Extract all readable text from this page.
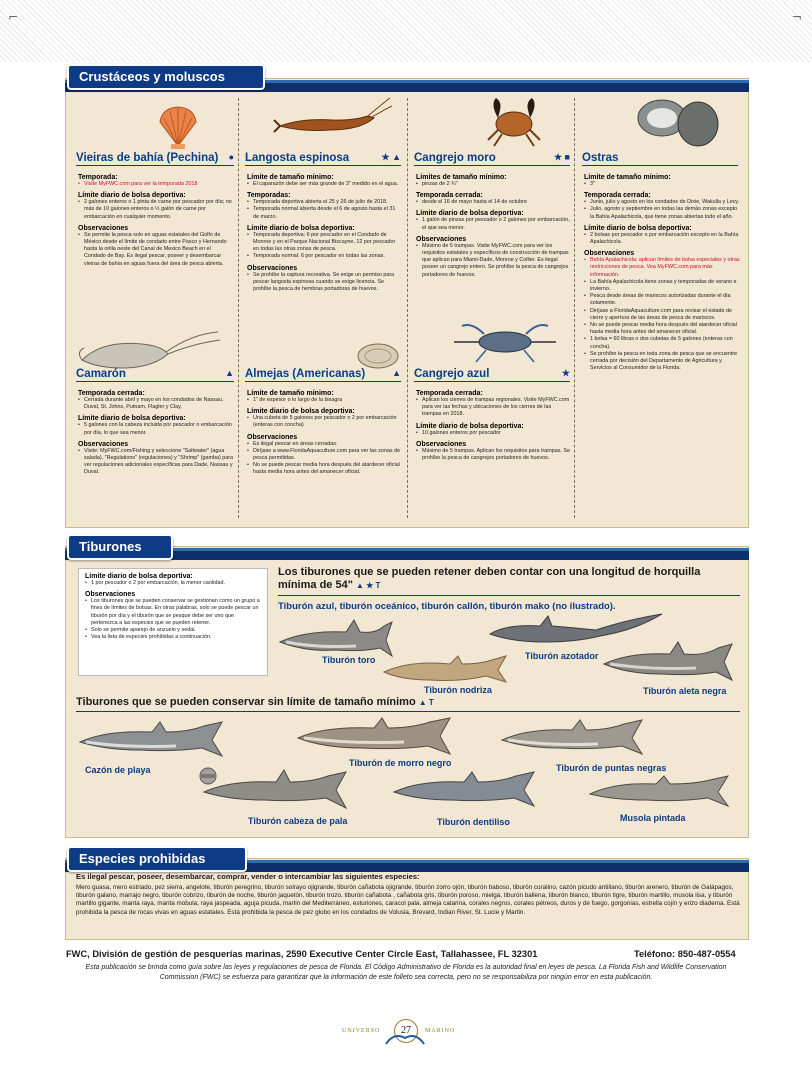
⌐	¬
Crustáceos y moluscos
Vieiras de bahía (Pechina) ●
Temporada:
• Visite MyFWC.com para ver la temporada 2018
Límite diario de bolsa deportiva:
• 2 galones enteros o 1 pinta de carne por pescador por día; no más de 10 galones enteros o ½ galón de carne por embarcación en cualquier momento.
Observaciones
• Se permite la pesca solo en aguas estatales del Golfo de México desde el límite de condado entre Pasco y Hernando hasta la orilla oeste del Canal de Mexico Beach en el Condado de Bay. Es ilegal pescar, poseer y desembarcar vieiras de bahía en aguas fuera del área de pesca abierta.
Langosta espinosa	★ ▲
Límite de tamaño mínimo:
• El caparazón debe ser más grande de 3" medido en el agua.
Temporadas:
• Temporada deportiva abierta el 25 y 26 de julio de 2018.
• Temporada normal abierta desde el 6 de agosto hasta el 31 de marzo.
Límite diario de bolsa deportiva:
• Temporada deportiva: 6 por pescador en el Condado de Monroe y en el Parque Nacional Biscayne, 12 por pescador en todas las otras zonas de pesca.
• Temporada normal: 6 por pescador en todas las zonas.
Observaciones
• Se prohíbe la captura recreativa. Se exige un permiso para pescar langosta espinosa cuando se exige licencia. Se prohíbe la pesca de hembras portadoras de huevos.
Cangrejo moro	★ ■
Límites de tamaño mínimo:
• pinzas de 2 ¾"
Temporada cerrada:
• desde el 16 de mayo hasta el 14 de octubre
Límite diario de bolsa deportiva:
• 1 galón de pinzas por pescador o 2 galones por embarcación, el que sea menor.
Observaciones
• Máximo de 5 trampas. Visite MyFWC.com para ver los requisitos estatales y específicos de construcción de trampas que aplican para Miami-Dade, Monroe y Collier. Es ilegal poseer un cangrejo entero. Se prohíbe la pesca de cangrejos portadores de huevos.
Ostras
Límite de tamaño mínimo:
• 3"
Temporada cerrada:
• Junio, julio y agosto en los condados de Dixie, Wakulla y Levy.
• Julio, agosto y septiembre en todas las demás zonas excepto la Bahía Apalachicola, que tiene zonas abiertas todo el año.
Límite diario de bolsa deportiva:
• 2 bolsas por pescador o por embarcación excepto en la Bahía Apalachicola.
Observaciones
• Bahía Apalachicola: aplican límites de bolsa especiales y otras restricciones de pesca. Vea MyFWC.com para más información.
• La Bahía Apalachicola tiene zonas y temporadas de verano e invierno.
• Pesca desde áreas de mariscos autorizadas durante el día solamente.
• Diríjase a FloridaAquaculture.com para revisar el estado de cierre y apertura de las áreas de pesca de mariscos.
• No se puede pescar media hora después del atardecer oficial hasta media hora antes del amanecer oficial.
• 1 bolsa = 60 libras o dos cubetas de 5 galones (enteras con concha).
• Se prohíbe la pesca en toda zona de pesca que se encuentre cerrada por decisión del Departamento de Agricultura y Servicios al Consumidor de la Florida.
Camarón	▲
Temporada cerrada:
• Cerrada durante abril y mayo en los condados de Nassau, Duval, St. Johns, Putnam, Flagler y Clay.
Límite diario de bolsa deportiva:
• 5 galones con la cabeza incluida por pescador o embarcación por día, lo que sea menor.
Observaciones
• Visite: MyFWC.com/Fishing y seleccione "Saltwater" (agua salada), "Regulations" (regulaciones) y "Shrimp" (gamba) para ver regulaciones adicionales específicas para Dade, Nassau y Duval.
Almejas (Americanas)	▲
Límite de tamaño mínimo:
• 1" de espesor o lo largo de la bisagra
Límite diario de bolsa deportiva:
• Una cubeta de 5 galones por pescador o 2 por embarcación (enteras con concha)
Observaciones
• Es ilegal pescar en áreas cerradas.
• Diríjase a www.FloridaAquaculture.com para ver las zonas de pesca permitidas.
• No se puede pescar media hora después del atardecer oficial hasta media hora antes del amanecer oficial.
Cangrejo azul	★
Temporada cerrada:
• Aplican los cierres de trampas regionales. Visite MyFWC.com para ver las fechas y ubicaciones de los cierres de las trampas en 2018.
Límite diario de bolsa deportiva:
• 10 galones enteros por pescador
Observaciones
• Máximo de 5 trampas. Aplican los requisitos para trampas. Se prohíbe la pesca de cangrejos portadores de huevos.
Tiburones
Límite diario de bolsa deportiva:
• 1 por pescador o 2 por embarcación, la menor cantidad.
Observaciones
• Los tiburones que se pueden conservar se gestionan como un grupo a fines de límites de bolsas. En otras palabras, solo se puede pescar un tiburón por día y el tiburón que se pesque debe ser uno que pertenezca a las especies que se pueden retener.
• Solo se permite aparejo de anzuelo y sedal.
• Vea la lista de especies prohibidas a continuación.
Los tiburones que se pueden retener deben contar con una longitud de horquilla mínima de 54" ▲ ★ T
Tiburón azul, tiburón oceánico, tiburón callón, tiburón mako (no ilustrado).
Tiburones que se pueden conservar sin límite de tamaño mínimo ▲ T
Tiburón toro	Tiburón azotador
Tiburón nodriza	Tiburón aleta negra
Cazón de playa
Tiburón de morro negro	Tiburón de puntas negras
Tiburón cabeza de pala	Tiburón dentiliso	Musola pintada
Especies prohibidas
Es ilegal pescar, poseer, desembarcar, comprar, vender o intercambiar las siguientes especies:
Mero guasa, mero estriado, pez sierra, angelote, tiburón peregrino, tiburón solrayo ojigrande, tiburón cañabota ojigrande, tiburón zorro ojón, tiburón baboso, tiburón coralino, cazón picudo antillano, tiburón arenero, tiburón de Galápagos, tiburón galano, marrajo negro, tiburón cobrizo, tiburón de noche, tiburón jaquetón, tiburón trozo, tiburón cañabota , cañabota gris, tiburón poroso, mielga, tiburón ballena, tiburón blanco, tiburón tigre, tiburón martillo, musola lisa, y tiburón martillo gigante, manta raya, manta mobula, raya jaspeada, aguja picuda, marlín del Mediterráneo, esturiones, caracol pala, almeja catarina, corales negros, corales pétreos, duros y de fuego, gorgonias, estrella cojín y erizo diadema. Está prohibida la pesca de rocas vivas en aguas estatales. Está prohibida la pesca de pez globo en los condados de Volusia, Brevard, Indian River, St. Lucie y Martin.
FWC, División de gestión de pesquerías marinas, 2590 Executive Center Circle East, Tallahassee, FL 32301	Teléfono: 850-487-0554
Esta publicación se brinda como guía sobre las leyes y regulaciones de pesca de Florida. El Código Administrativo de Florida es la autoridad final en leyes de pesca. La Florida Fish and Wildlife Conservation Commission (FWC) se esfuerza para garantizar que la información de este folleto sea correcta, pero no se responsabiliza por ningún error en esta publicación.
UNIVERSO	27	MARINO
